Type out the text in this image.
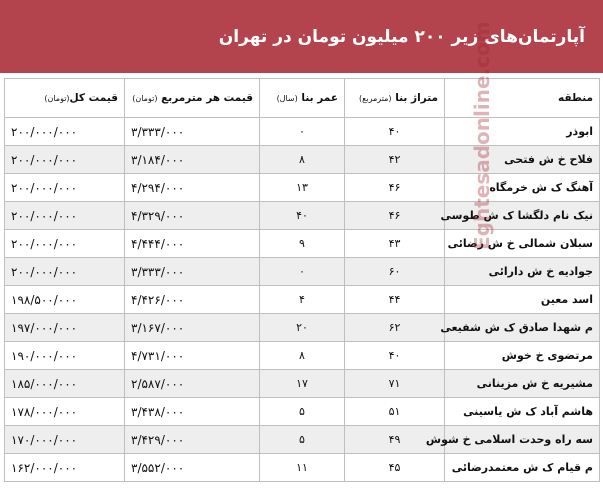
آپارتمان‌های زیر ۲۰۰ میلیون تومان در تهران
منطقه	متراژ بنا (مترمربع)	عمر بنا (سال)	قیمت هر مترمربع (تومان)	قیمت کل(تومان)
ابوذر	۴۰	۰	۳/۳۳۳/۰۰۰	۲۰۰/۰۰۰/۰۰۰
فلاح خ ش فتحی	۴۲	۸	۳/۱۸۴/۰۰۰	۲۰۰/۰۰۰/۰۰۰
آهنگ ک ش خرمگاه	۴۶	۱۳	۴/۲۹۴/۰۰۰	۲۰۰/۰۰۰/۰۰۰
نیک نام دلگشا ک ش طوسی	۴۶	۴۰	۴/۳۲۹/۰۰۰	۲۰۰/۰۰۰/۰۰۰
سبلان شمالی خ ش رضائی	۴۳	۹	۴/۴۴۴/۰۰۰	۲۰۰/۰۰۰/۰۰۰
جوادیه خ ش دارائی	۶۰	۰	۳/۳۳۳/۰۰۰	۲۰۰/۰۰۰/۰۰۰
اسد معین	۴۴	۴	۴/۴۲۶/۰۰۰	۱۹۸/۵۰۰/۰۰۰
م شهدا صادق ک ش شفیعی	۶۲	۲۰	۳/۱۶۷/۰۰۰	۱۹۷/۰۰۰/۰۰۰
مرتضوی خ خوش	۴۰	۸	۴/۷۳۱/۰۰۰	۱۹۰/۰۰۰/۰۰۰
مشیریه خ ش مزینانی	۷۱	۱۷	۲/۵۸۷/۰۰۰	۱۸۵/۰۰۰/۰۰۰
هاشم آباد ک ش یاسینی	۵۱	۵	۳/۴۳۸/۰۰۰	۱۷۸/۰۰۰/۰۰۰
سه راه وحدت اسلامی خ شوش	۴۹	۵	۳/۴۲۹/۰۰۰	۱۷۰/۰۰۰/۰۰۰
م قیام ک ش معتمدرضائی	۴۵	۱۱	۳/۵۵۲/۰۰۰	۱۶۲/۰۰۰/۰۰۰
Eghtesadonline.com
